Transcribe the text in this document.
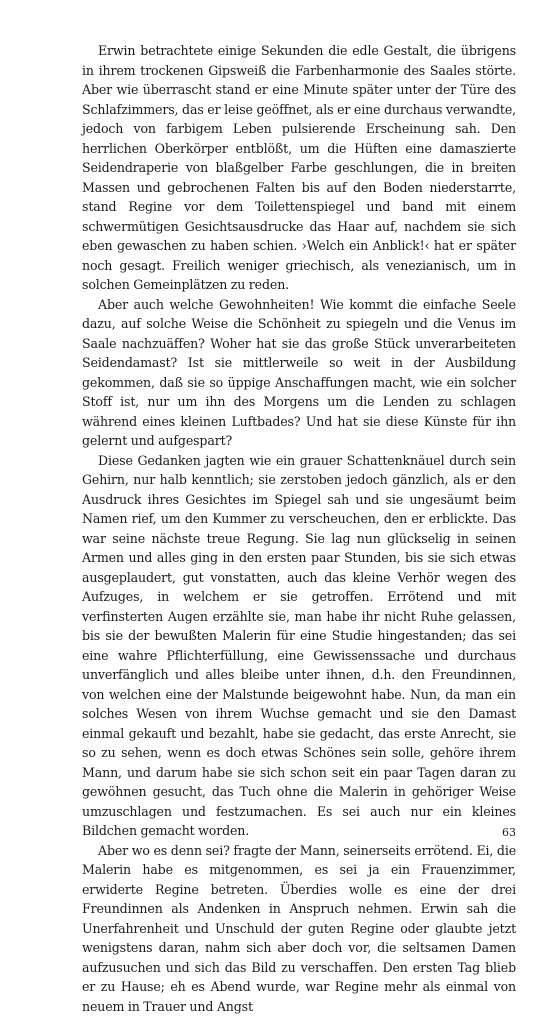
Erwin betrachtete einige Sekunden die edle Gestalt, die übrigens in ihrem trockenen Gipsweiß die Farbenharmonie des Saales störte. Aber wie überrascht stand er eine Minute später unter der Türe des Schlafzimmers, das er leise geöffnet, als er eine durchaus verwandte, jedoch von farbigem Leben pulsierende Erscheinung sah. Den herrlichen Oberkörper entblößt, um die Hüften eine damaszierte Seidendraperie von blaßgelber Farbe geschlungen, die in breiten Massen und gebrochenen Falten bis auf den Boden niederstarrte, stand Regine vor dem Toilettenspiegel und band mit einem schwermütigen Gesichtsausdrucke das Haar auf, nachdem sie sich eben gewaschen zu haben schien. ›Welch ein Anblick!‹ hat er später noch gesagt. Freilich weniger griechisch, als venezianisch, um in solchen Gemeinplätzen zu reden.

Aber auch welche Gewohnheiten! Wie kommt die einfache Seele dazu, auf solche Weise die Schönheit zu spiegeln und die Venus im Saale nachzuäffen? Woher hat sie das große Stück unverarbeiteten Seidendamast? Ist sie mittlerweile so weit in der Ausbildung gekommen, daß sie so üppige Anschaffungen macht, wie ein solcher Stoff ist, nur um ihn des Morgens um die Lenden zu schlagen während eines kleinen Luftbades? Und hat sie diese Künste für ihn gelernt und aufgespart?

Diese Gedanken jagten wie ein grauer Schattenknäuel durch sein Gehirn, nur halb kenntlich; sie zerstoben jedoch gänzlich, als er den Ausdruck ihres Gesichtes im Spiegel sah und sie ungesäumt beim Namen rief, um den Kummer zu verscheuchen, den er erblickte. Das war seine nächste treue Regung. Sie lag nun glückselig in seinen Armen und alles ging in den ersten paar Stunden, bis sie sich etwas ausgeplaudert, gut vonstatten, auch das kleine Verhör wegen des Aufzuges, in welchem er sie getroffen. Errötend und mit verfinsterten Augen erzählte sie, man habe ihr nicht Ruhe gelassen, bis sie der bewußten Malerin für eine Studie hingestanden; das sei eine wahre Pflichterfüllung, eine Gewissenssache und durchaus unverfänglich und alles bleibe unter ihnen, d.h. den Freundinnen, von welchen eine der Malstunde beigewohnt habe. Nun, da man ein solches Wesen von ihrem Wuchse gemacht und sie den Damast einmal gekauft und bezahlt, habe sie gedacht, das erste Anrecht, sie so zu sehen, wenn es doch etwas Schönes sein solle, gehöre ihrem Mann, und darum habe sie sich schon seit ein paar Tagen daran zu gewöhnen gesucht, das Tuch ohne die Malerin in gehöriger Weise umzuschlagen und festzumachen. Es sei auch nur ein kleines Bildchen gemacht worden.

Aber wo es denn sei? fragte der Mann, seinerseits errötend. Ei, die Malerin habe es mitgenommen, es sei ja ein Frauenzimmer, erwiderte Regine betreten. Überdies wolle es eine der drei Freundinnen als Andenken in Anspruch nehmen. Erwin sah die Unerfahrenheit und Unschuld der guten Regine oder glaubte jetzt wenigstens daran, nahm sich aber doch vor, die seltsamen Damen aufzusuchen und sich das Bild zu verschaffen. Den ersten Tag blieb er zu Hause; eh es Abend wurde, war Regine mehr als einmal von neuem in Trauer und Angst

63
